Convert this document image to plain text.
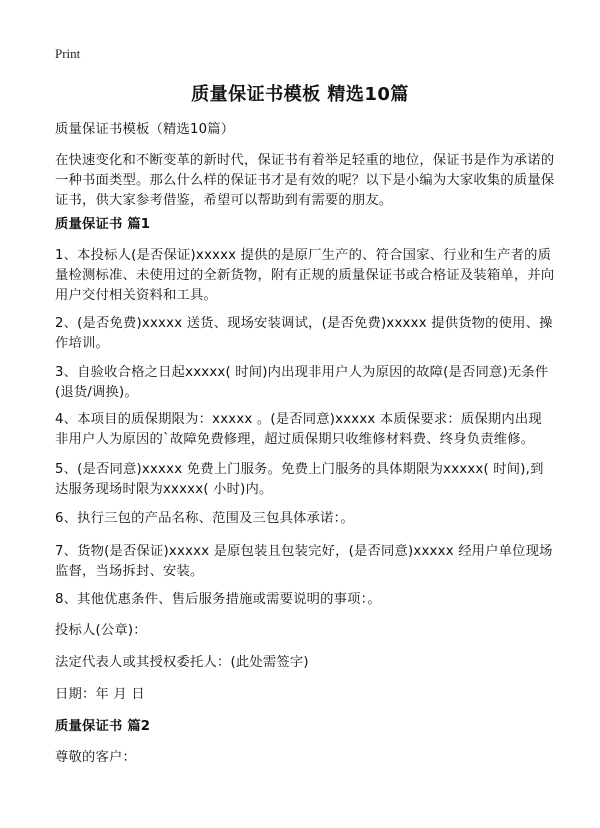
Print
质量保证书模板 精选10篇

质量保证书模板（精选10篇）

在快速变化和不断变革的新时代，保证书有着举足轻重的地位，保证书是作为承诺的一种书面类型。那么什么样的保证书才是有效的呢？以下是小编为大家收集的质量保证书，供大家参考借鉴，希望可以帮助到有需要的朋友。

质量保证书 篇1

1、本投标人(是否保证)xxxxx 提供的是原厂生产的、符合国家、行业和生产者的质量检测标准、未使用过的全新货物，附有正规的质量保证书或合格证及装箱单，并向用户交付相关资料和工具。

2、(是否免费)xxxxx 送货、现场安装调试，(是否免费)xxxxx 提供货物的使用、操作培训。

3、自验收合格之日起xxxxx( 时间)内出现非用户人为原因的故障(是否同意)无条件(退货/调换)。

4、本项目的质保期限为：xxxxx 。(是否同意)xxxxx 本质保要求：质保期内出现非用户人为原因的`故障免费修理，超过质保期只收维修材料费、终身负责维修。

5、(是否同意)xxxxx 免费上门服务。免费上门服务的具体期限为xxxxx( 时间),到达服务现场时限为xxxxx( 小时)内。

6、执行三包的产品名称、范围及三包具体承诺：。

7、货物(是否保证)xxxxx 是原包装且包装完好，(是否同意)xxxxx 经用户单位现场监督，当场拆封、安装。

8、其他优惠条件、售后服务措施或需要说明的事项：。

投标人(公章)：

法定代表人或其授权委托人：(此处需签字)

日期：年 月 日

质量保证书 篇2

尊敬的客户：
